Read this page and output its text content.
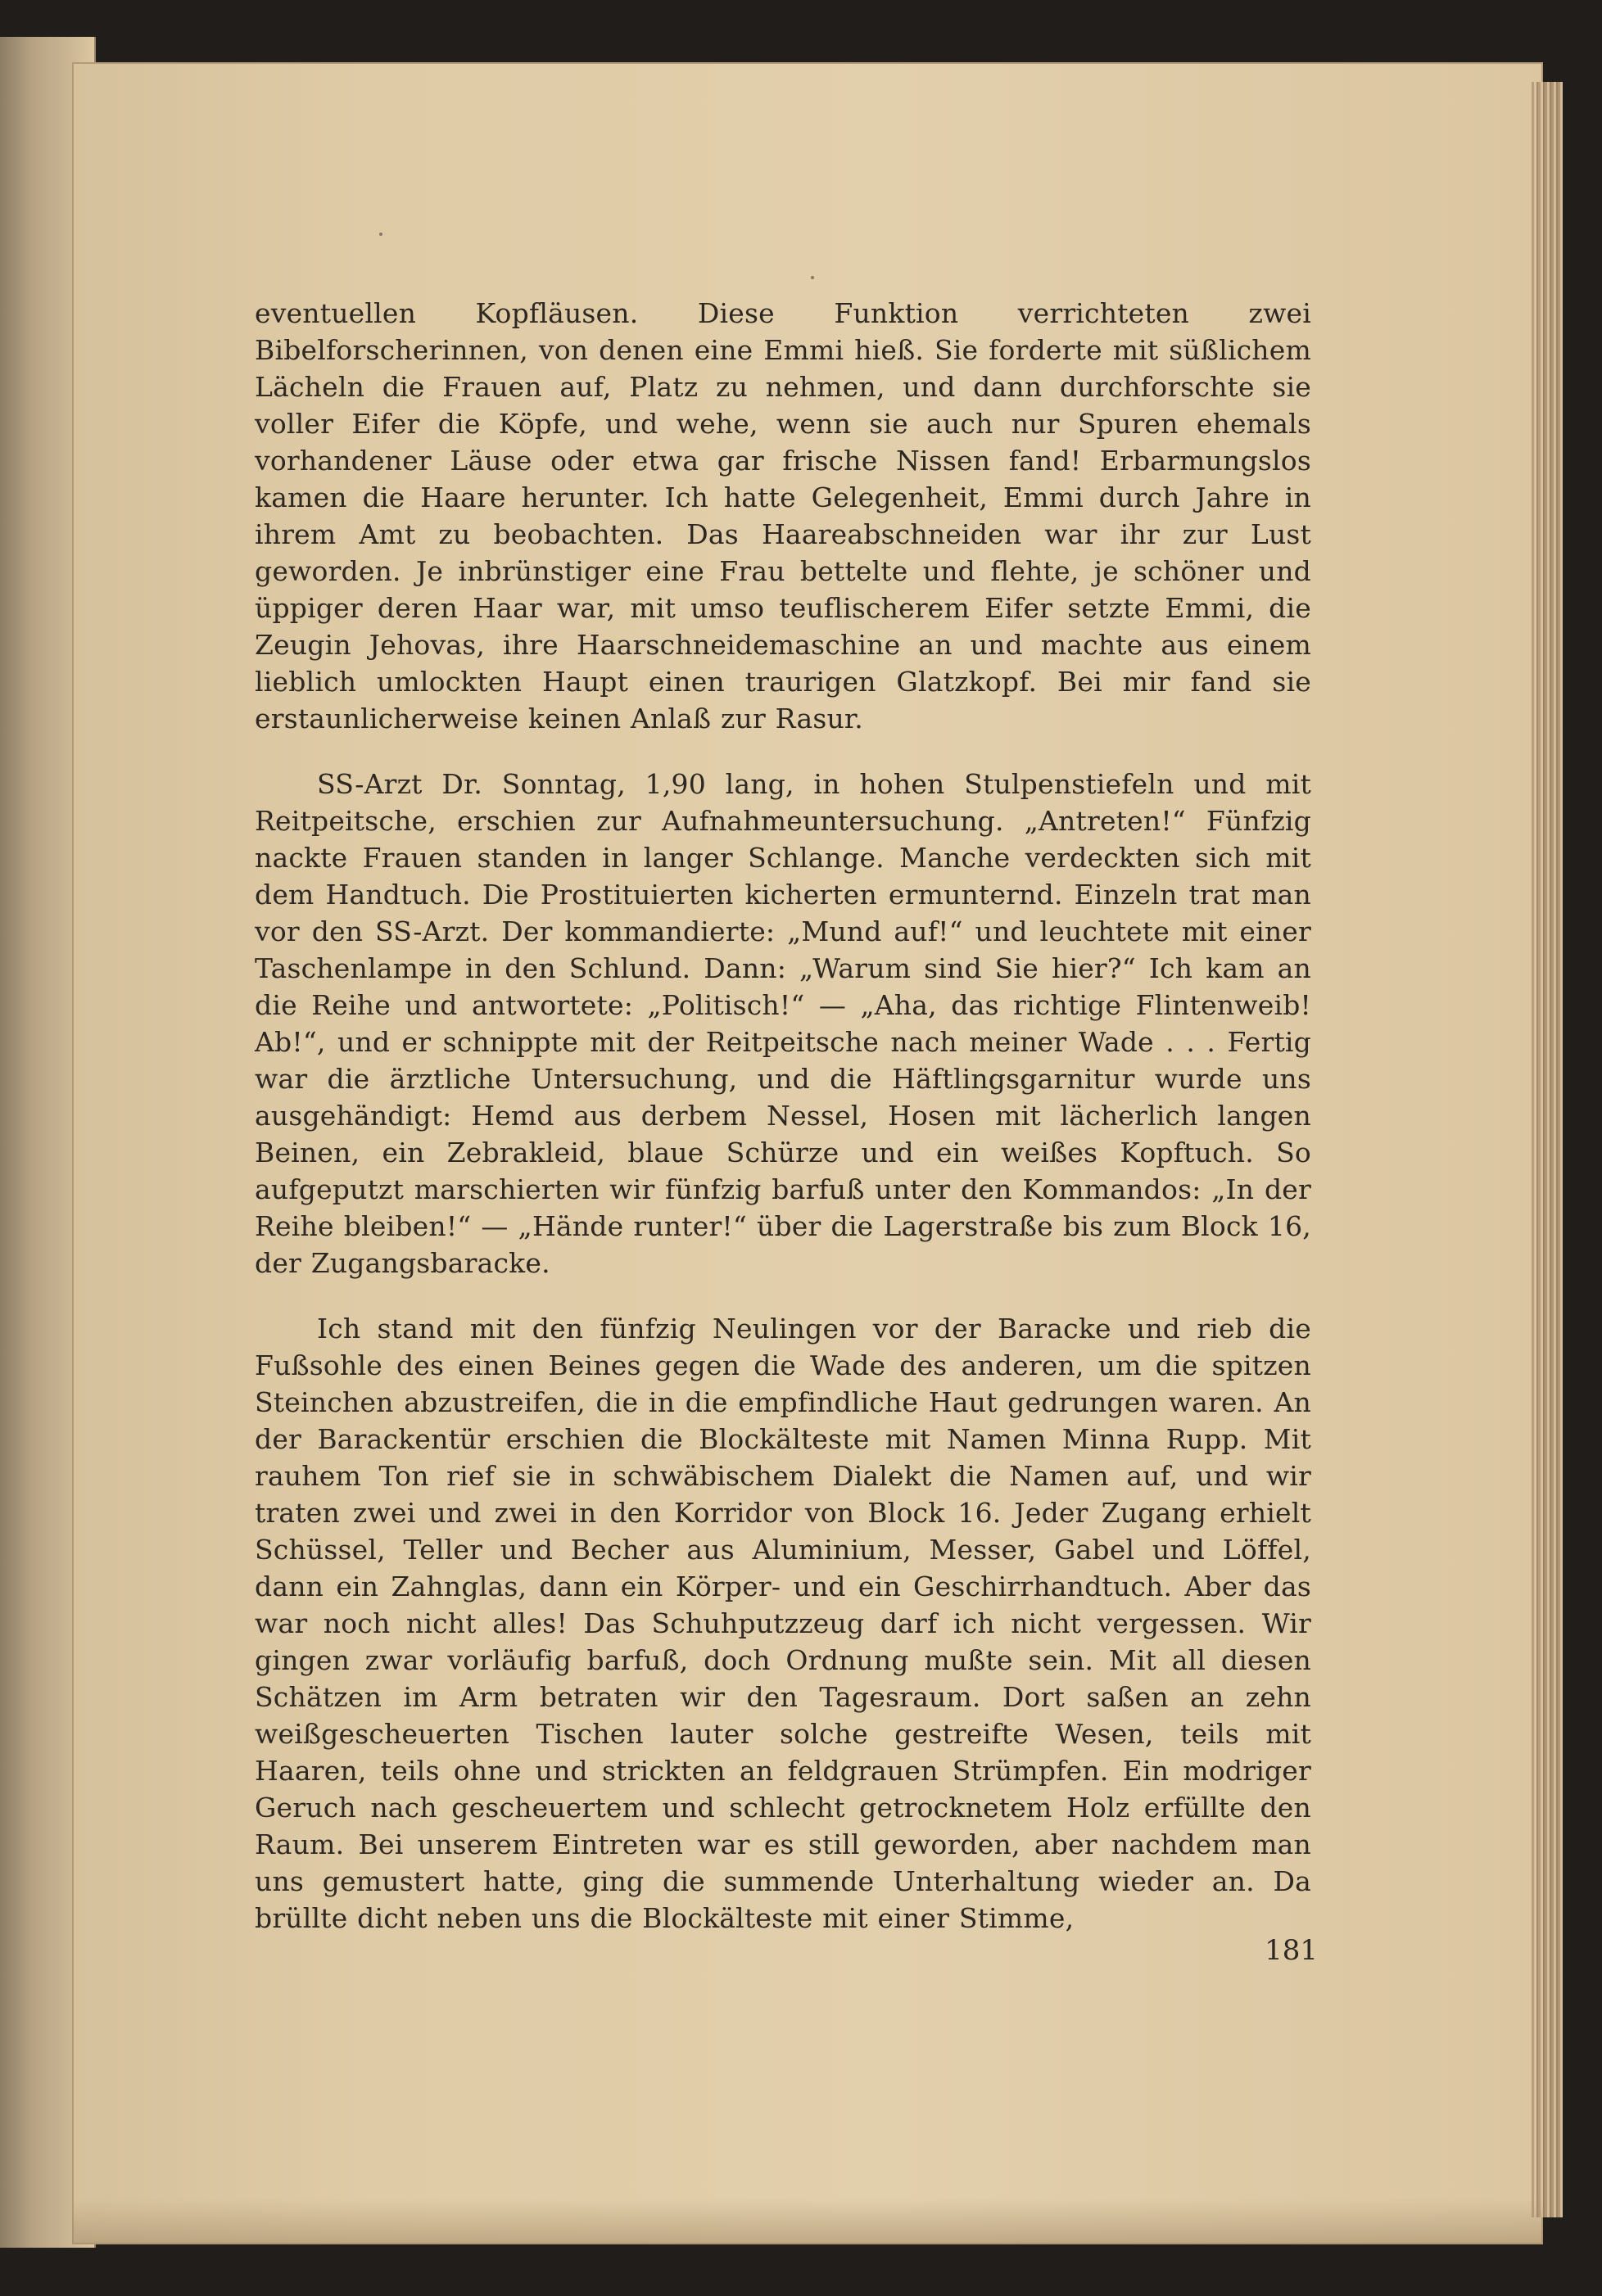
eventuellen Kopfläusen. Diese Funktion verrichteten zwei Bibelforscherinnen, von denen eine Emmi hieß. Sie forderte mit süßlichem Lächeln die Frauen auf, Platz zu nehmen, und dann durchforschte sie voller Eifer die Köpfe, und wehe, wenn sie auch nur Spuren ehemals vorhandener Läuse oder etwa gar frische Nissen fand! Erbarmungslos kamen die Haare herunter. Ich hatte Gelegenheit, Emmi durch Jahre in ihrem Amt zu beobachten. Das Haareabschneiden war ihr zur Lust geworden. Je inbrünstiger eine Frau bettelte und flehte, je schöner und üppiger deren Haar war, mit umso teuflischerem Eifer setzte Emmi, die Zeugin Jehovas, ihre Haarschneidemaschine an und machte aus einem lieblich umlockten Haupt einen traurigen Glatzkopf. Bei mir fand sie erstaunlicherweise keinen Anlaß zur Rasur.

SS-Arzt Dr. Sonntag, 1,90 lang, in hohen Stulpenstiefeln und mit Reitpeitsche, erschien zur Aufnahmeuntersuchung. „Antreten!“ Fünfzig nackte Frauen standen in langer Schlange. Manche verdeckten sich mit dem Handtuch. Die Prostituierten kicherten ermunternd. Einzeln trat man vor den SS-Arzt. Der kommandierte: „Mund auf!“ und leuchtete mit einer Taschenlampe in den Schlund. Dann: „Warum sind Sie hier?“ Ich kam an die Reihe und antwortete: „Politisch!“ — „Aha, das richtige Flintenweib! Ab!“, und er schnippte mit der Reitpeitsche nach meiner Wade . . . Fertig war die ärztliche Untersuchung, und die Häftlingsgarnitur wurde uns ausgehändigt: Hemd aus derbem Nessel, Hosen mit lächerlich langen Beinen, ein Zebrakleid, blaue Schürze und ein weißes Kopftuch. So aufgeputzt marschierten wir fünfzig barfuß unter den Kommandos: „In der Reihe bleiben!“ — „Hände runter!“ über die Lagerstraße bis zum Block 16, der Zugangsbaracke.

Ich stand mit den fünfzig Neulingen vor der Baracke und rieb die Fußsohle des einen Beines gegen die Wade des anderen, um die spitzen Steinchen abzustreifen, die in die empfindliche Haut gedrungen waren. An der Barackentür erschien die Blockälteste mit Namen Minna Rupp. Mit rauhem Ton rief sie in schwäbischem Dialekt die Namen auf, und wir traten zwei und zwei in den Korridor von Block 16. Jeder Zugang erhielt Schüssel, Teller und Becher aus Aluminium, Messer, Gabel und Löffel, dann ein Zahnglas, dann ein Körper- und ein Geschirrhandtuch. Aber das war noch nicht alles! Das Schuhputzzeug darf ich nicht vergessen. Wir gingen zwar vorläufig barfuß, doch Ordnung mußte sein. Mit all diesen Schätzen im Arm betraten wir den Tagesraum. Dort saßen an zehn weißgescheuerten Tischen lauter solche gestreifte Wesen, teils mit Haaren, teils ohne und strickten an feldgrauen Strümpfen. Ein modriger Geruch nach gescheuertem und schlecht getrocknetem Holz erfüllte den Raum. Bei unserem Eintreten war es still geworden, aber nachdem man uns gemustert hatte, ging die summende Unterhaltung wieder an. Da brüllte dicht neben uns die Blockälteste mit einer Stimme,

181
